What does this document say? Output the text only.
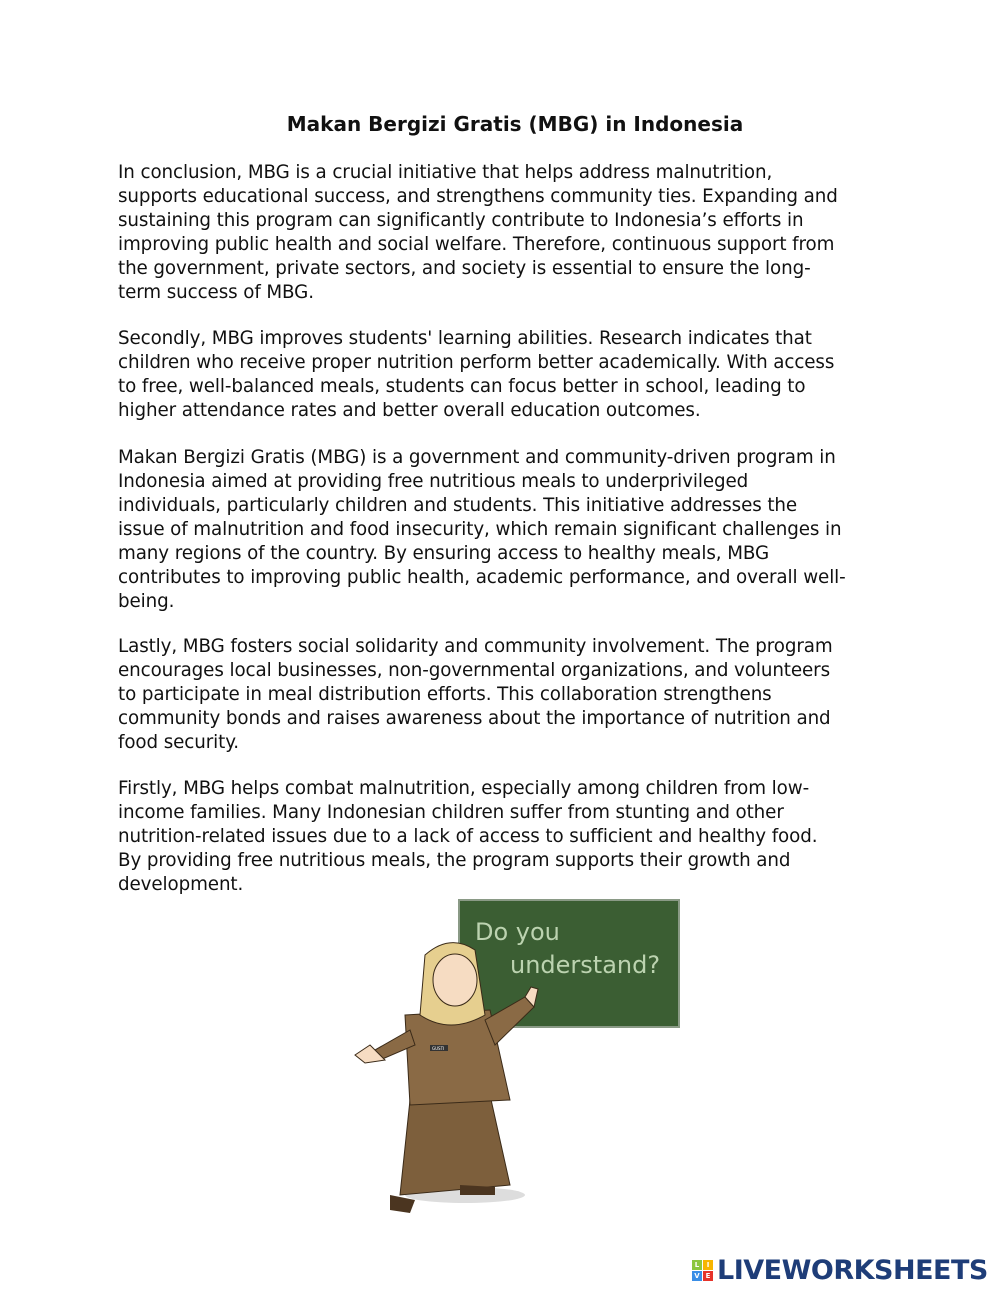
Makan Bergizi Gratis (MBG) in Indonesia
In conclusion, MBG is a crucial initiative that helps address malnutrition,
supports educational success, and strengthens community ties. Expanding and
sustaining this program can significantly contribute to Indonesia’s efforts in
improving public health and social welfare. Therefore, continuous support from
the government, private sectors, and society is essential to ensure the long-
term success of MBG.
Secondly, MBG improves students' learning abilities. Research indicates that
children who receive proper nutrition perform better academically. With access
to free, well-balanced meals, students can focus better in school, leading to
higher attendance rates and better overall education outcomes.
Makan Bergizi Gratis (MBG) is a government and community-driven program in
Indonesia aimed at providing free nutritious meals to underprivileged
individuals, particularly children and students. This initiative addresses the
issue of malnutrition and food insecurity, which remain significant challenges in
many regions of the country. By ensuring access to healthy meals, MBG
contributes to improving public health, academic performance, and overall well-
being.
Lastly, MBG fosters social solidarity and community involvement. The program
encourages local businesses, non-governmental organizations, and volunteers
to participate in meal distribution efforts. This collaboration strengthens
community bonds and raises awareness about the importance of nutrition and
food security.
Firstly, MBG helps combat malnutrition, especially among children from low-
income families. Many Indonesian children suffer from stunting and other
nutrition-related issues due to a lack of access to sufficient and healthy food.
By providing free nutritious meals, the program supports their growth and
development.
Do you
understand?
GUSTI
L	I
V E LIVEWORKSHEETS
